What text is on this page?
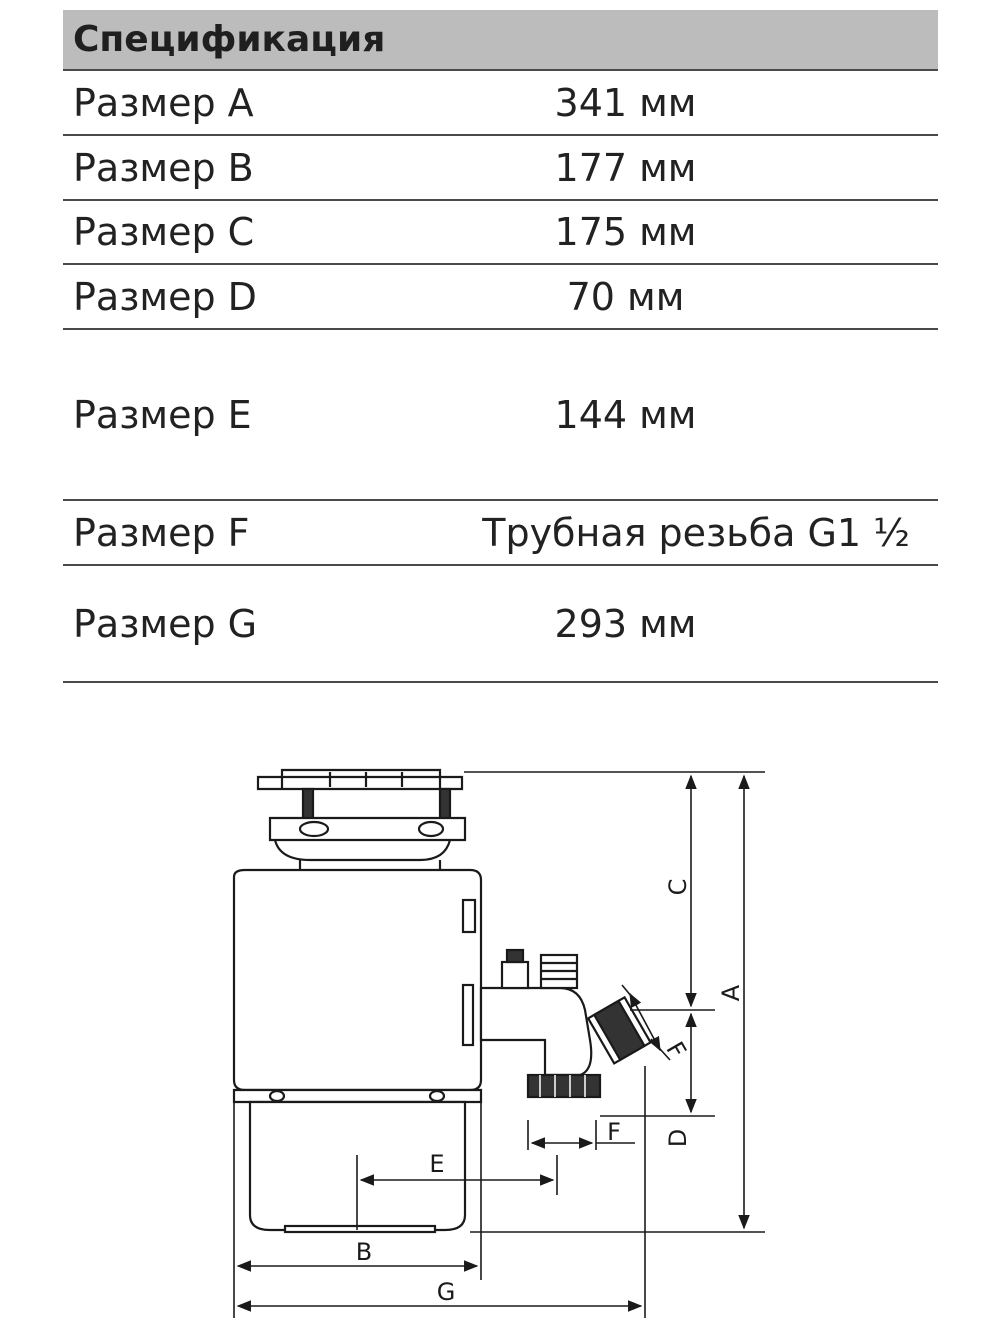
Спецификация
Размер A	341 мм
Размер B	177 мм
Размер C	175 мм
Размер D	70 мм
Размер E	144 мм
Размер F	Трубная резьба G1 ½
Размер G	293 мм
A
C
D
E
B
G
F
F
